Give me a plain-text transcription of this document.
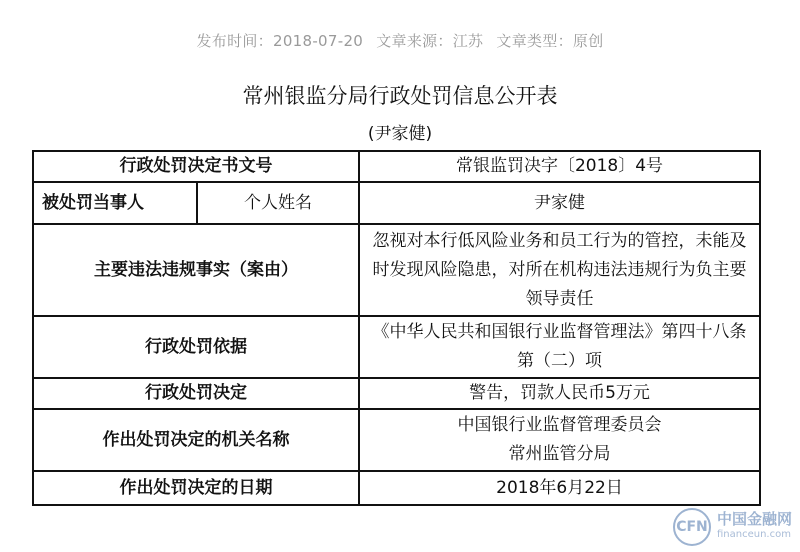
发布时间：2018-07-20 文章来源：江苏 文章类型：原创
常州银监分局行政处罚信息公开表
(尹家健)
行政处罚决定书文号		常银监罚决字〔2018〕4号
被处罚当事人	个人姓名	尹家健
主要违法违规事实（案由）		忽视对本行低风险业务和员工行为的管控，未能及时发现风险隐患，对所在机构违法违规行为负主要领导责任
行政处罚依据		《中华人民共和国银行业监督管理法》第四十八条第（二）项
行政处罚决定		警告，罚款人民币5万元
作出处罚决定的机关名称		中国银行业监督管理委员会
常州监管分局

作出处罚决定的日期		2018年6月22日
CFN 中国金融网
financeun.com
